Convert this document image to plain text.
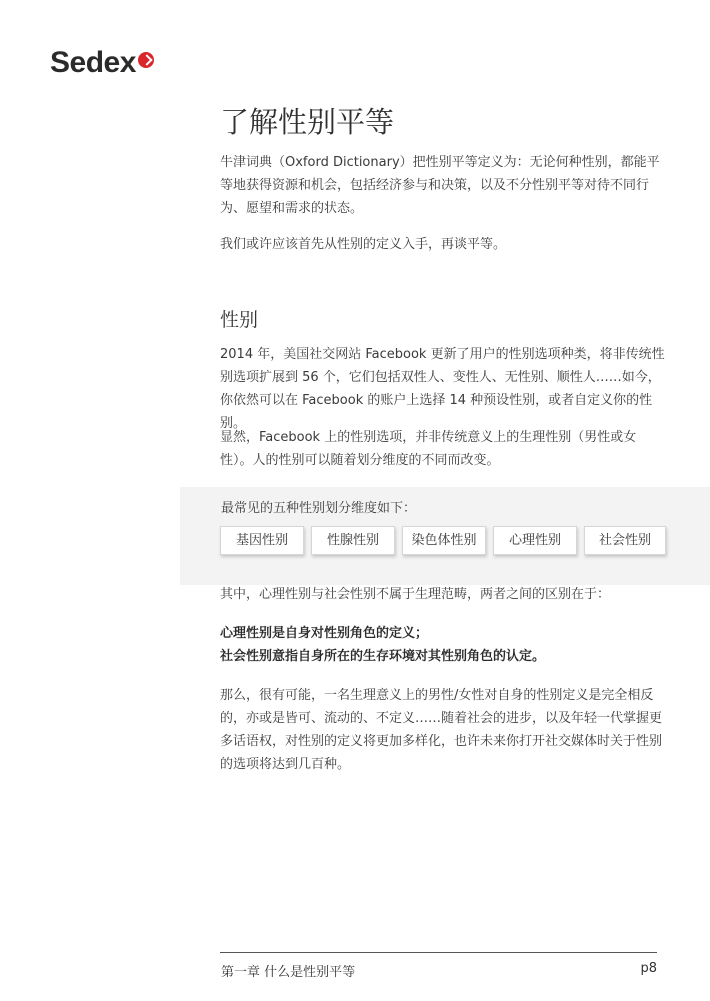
Sedex
了解性别平等

牛津词典（Oxford Dictionary）把性别平等定义为：无论何种性别，都能平等地获得资源和机会，包括经济参与和决策，以及不分性别平等对待不同行为、愿望和需求的状态。

我们或许应该首先从性别的定义入手，再谈平等。

性别

2014 年，美国社交网站 Facebook 更新了用户的性别选项种类，将非传统性别选项扩展到 56 个，它们包括双性人、变性人、无性别、顺性人……如今，你依然可以在 Facebook 的账户上选择 14 种预设性别，或者自定义你的性别。

显然，Facebook 上的性别选项，并非传统意义上的生理性别（男性或女性）。人的性别可以随着划分维度的不同而改变。

最常见的五种性别划分维度如下：
基因性别	性腺性别	染色体性别	心理性别	社会性别

其中，心理性别与社会性别不属于生理范畴，两者之间的区别在于：

心理性别是自身对性别角色的定义；

社会性别意指自身所在的生存环境对其性别角色的认定。

那么，很有可能，一名生理意义上的男性/女性对自身的性别定义是完全相反的，亦或是皆可、流动的、不定义……随着社会的进步，以及年轻一代掌握更多话语权，对性别的定义将更加多样化，也许未来你打开社交媒体时关于性别的选项将达到几百种。

第一章 什么是性别平等	p8
